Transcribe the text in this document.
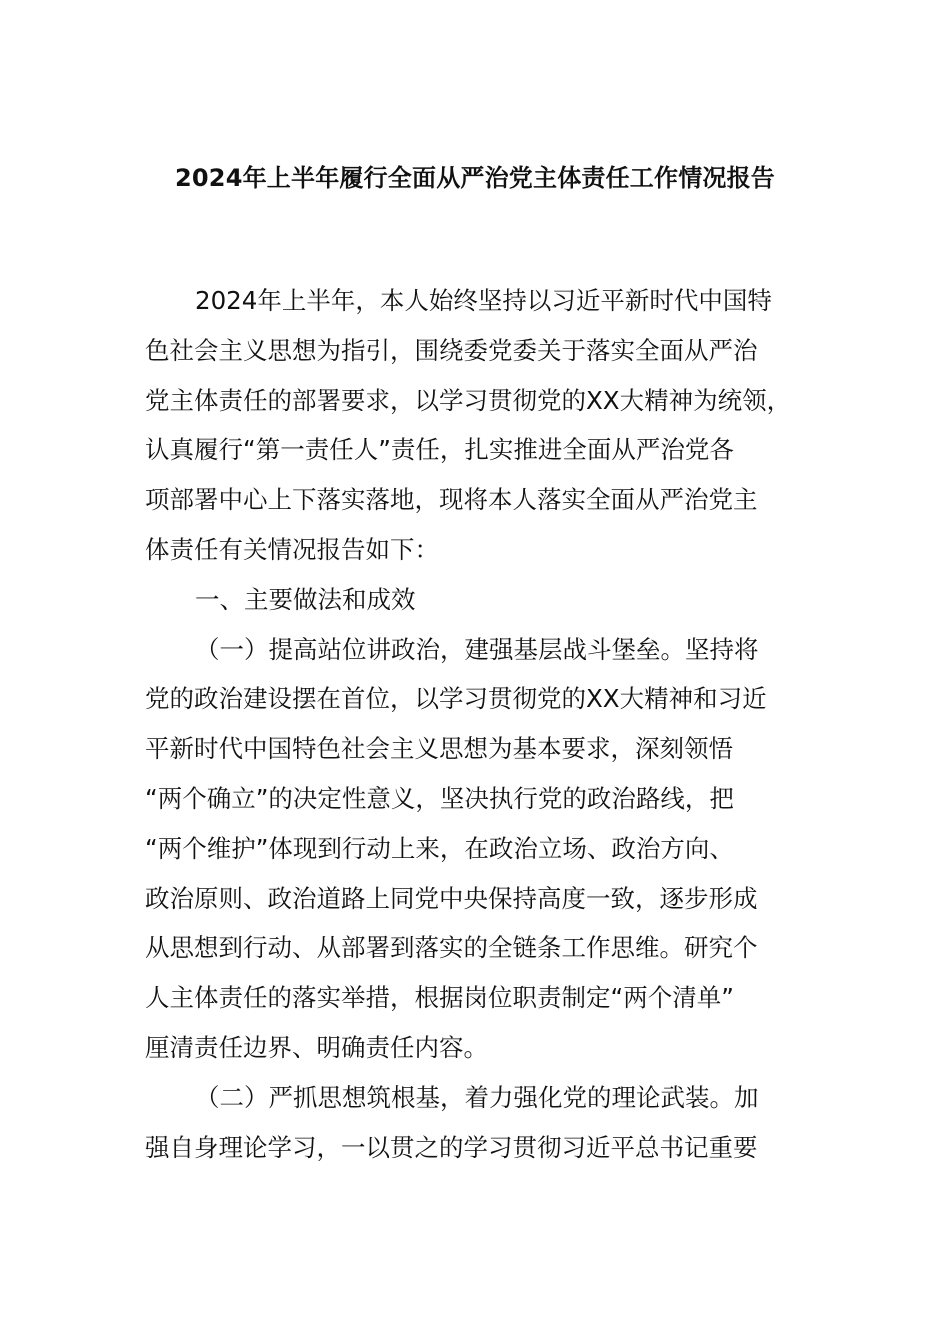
2024年上半年履行全面从严治党主体责任工作情况报告
2024年上半年，本人始终坚持以习近平新时代中国特
色社会主义思想为指引，围绕委党委关于落实全面从严治
党主体责任的部署要求，以学习贯彻党的XX大精神为统领，
认真履行“第一责任人”责任，扎实推进全面从严治党各
项部署中心上下落实落地，现将本人落实全面从严治党主
体责任有关情况报告如下：
一、主要做法和成效
（一）提高站位讲政治，建强基层战斗堡垒。坚持将
党的政治建设摆在首位，以学习贯彻党的XX大精神和习近
平新时代中国特色社会主义思想为基本要求，深刻领悟
“两个确立”的决定性意义，坚决执行党的政治路线，把
“两个维护”体现到行动上来，在政治立场、政治方向、
政治原则、政治道路上同党中央保持高度一致，逐步形成
从思想到行动、从部署到落实的全链条工作思维。研究个
人主体责任的落实举措，根据岗位职责制定“两个清单”
厘清责任边界、明确责任内容。
（二）严抓思想筑根基，着力强化党的理论武装。加
强自身理论学习，一以贯之的学习贯彻习近平总书记重要
